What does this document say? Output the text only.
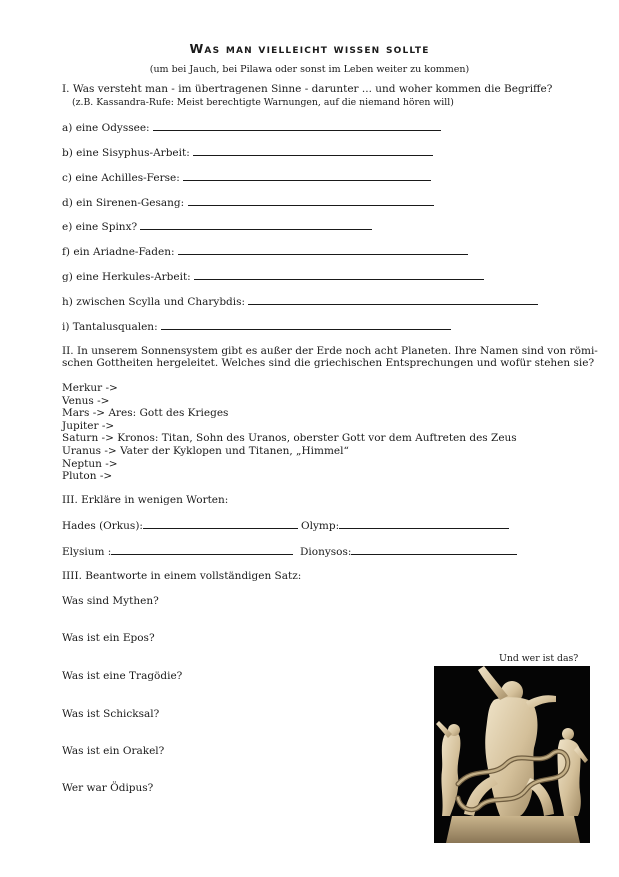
Was man vielleicht wissen sollte
(um bei Jauch, bei Pilawa oder sonst im Leben weiter zu kommen)
I. Was versteht man - im übertragenen Sinne - darunter ... und woher kommen die Begriffe?
(z.B. Kassandra-Rufe: Meist berechtigte Warnungen, auf die niemand hören will)
a) eine Odyssee:
b) eine Sisyphus-Arbeit:
c) eine Achilles-Ferse:
d) ein Sirenen-Gesang:
e) eine Spinx?
f) ein Ariadne-Faden:
g) eine Herkules-Arbeit:
h) zwischen Scylla und Charybdis:
i) Tantalusqualen:
II. In unserem Sonnensystem gibt es außer der Erde noch acht Planeten. Ihre Namen sind von römi-
schen Gottheiten hergeleitet. Welches sind die griechischen Entsprechungen und wofür stehen sie?
Merkur ->
Venus ->
Mars -> Ares: Gott des Krieges
Jupiter ->
Saturn -> Kronos: Titan, Sohn des Uranos, oberster Gott vor dem Auftreten des Zeus
Uranus -> Vater der Kyklopen und Titanen, „Himmel“
Neptun ->
Pluton ->
III. Erkläre in wenigen Worten:
Hades (Orkus):	Olymp:
Elysium :	Dionysos:
IIII. Beantworte in einem vollständigen Satz:
Was sind Mythen?
Was ist ein Epos?
Was ist eine Tragödie?
Was ist Schicksal?
Was ist ein Orakel?
Wer war Ödipus?
Und wer ist das?
